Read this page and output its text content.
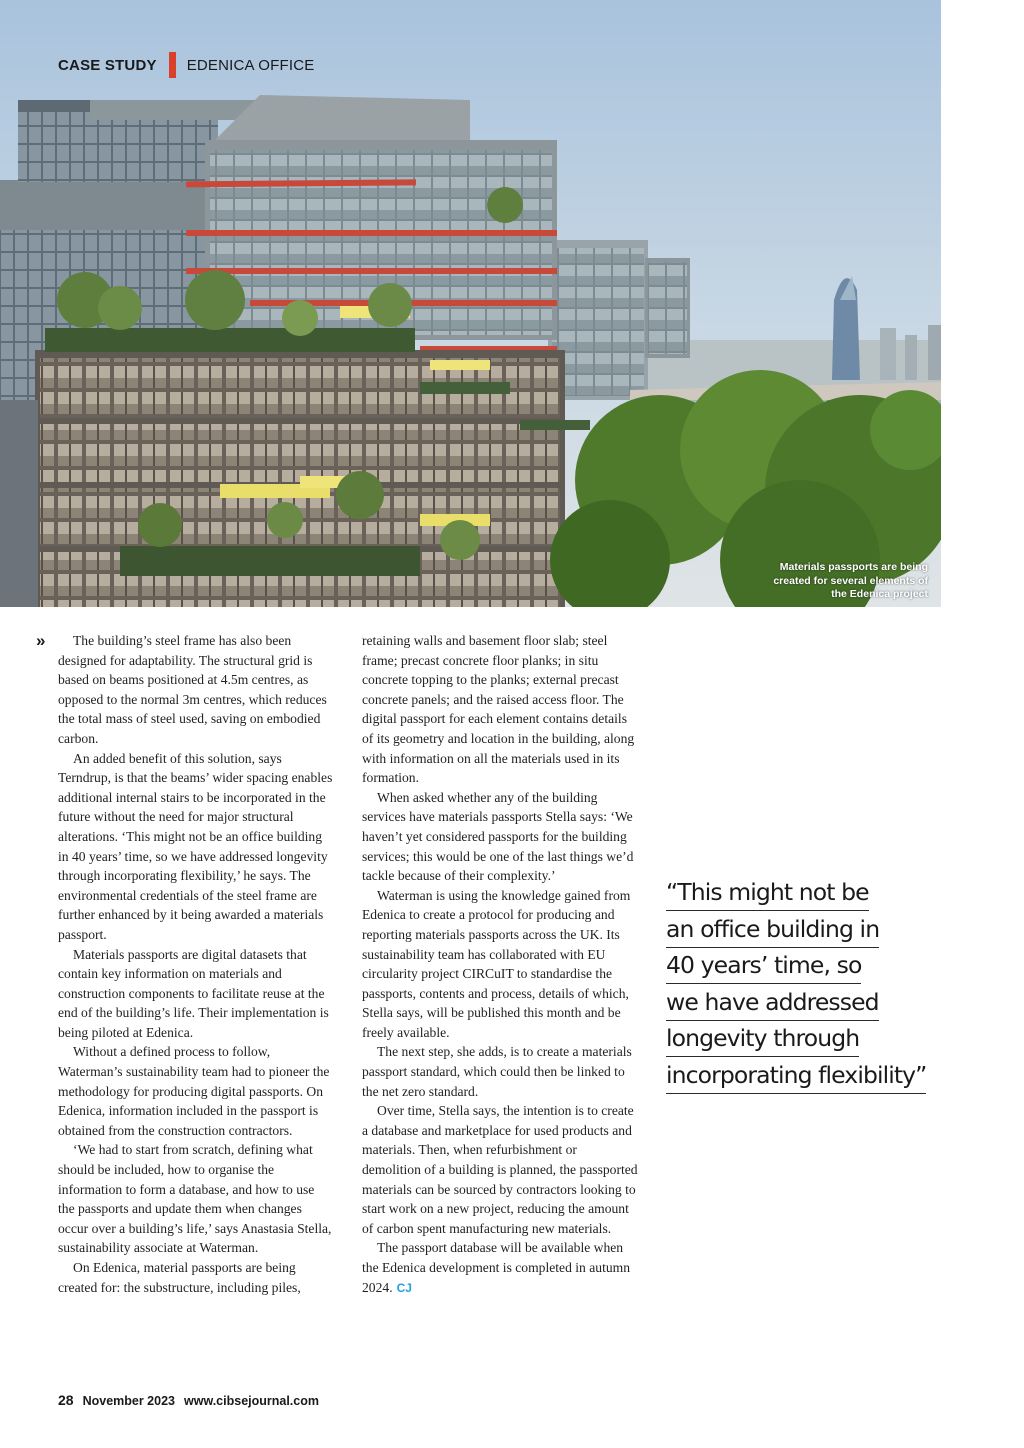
CASE STUDY EDENICA OFFICE
Materials passports are being created for several elements of the Edenica project
»	The building’s steel frame has also been designed for adaptability. The structural grid is based on beams positioned at 4.5m centres, as opposed to the normal 3m centres, which reduces the total mass of steel used, saving on embodied carbon.

An added benefit of this solution, says Terndrup, is that the beams’ wider spacing enables additional internal stairs to be incorporated in the future without the need for major structural alterations. ‘This might not be an office building in 40 years’ time, so we have addressed longevity through incorporating flexibility,’ he says. The environmental credentials of the steel frame are further enhanced by it being awarded a materials passport.

Materials passports are digital datasets that contain key information on materials and construction components to facilitate reuse at the end of the building’s life. Their implementation is being piloted at Edenica.

Without a defined process to follow, Waterman’s sustainability team had to pioneer the methodology for producing digital passports. On Edenica, information included in the passport is obtained from the construction contractors.

‘We had to start from scratch, defining what should be included, how to organise the information to form a database, and how to use the passports and update them when changes occur over a building’s life,’ says Anastasia Stella, sustainability associate at Waterman.

On Edenica, material passports are being created for: the substructure, including piles,

retaining walls and basement floor slab; steel frame; precast concrete floor planks; in situ concrete topping to the planks; external precast concrete panels; and the raised access floor. The digital passport for each element contains details of its geometry and location in the building, along with information on all the materials used in its formation.

When asked whether any of the building services have materials passports Stella says: ‘We haven’t yet considered passports for the building services; this would be one of the last things we’d tackle because of their complexity.’

Waterman is using the knowledge gained from Edenica to create a protocol for producing and reporting materials passports across the UK. Its sustainability team has collaborated with EU circularity project CIRCuIT to standardise the passports, contents and process, details of which, Stella says, will be published this month and be freely available.

The next step, she adds, is to create a materials passport standard, which could then be linked to the net zero standard.

Over time, Stella says, the intention is to create a database and marketplace for used products and materials. Then, when refurbishment or demolition of a building is planned, the passported materials can be sourced by contractors looking to start work on a new project, reducing the amount of carbon spent manufacturing new materials.

The passport database will be available when the Edenica development is completed in autumn 2024. CJ

“This might not be
an office building in
40 years’ time, so
we have addressed
longevity through
incorporating flexibility”
28 November 2023 www.cibsejournal.com
